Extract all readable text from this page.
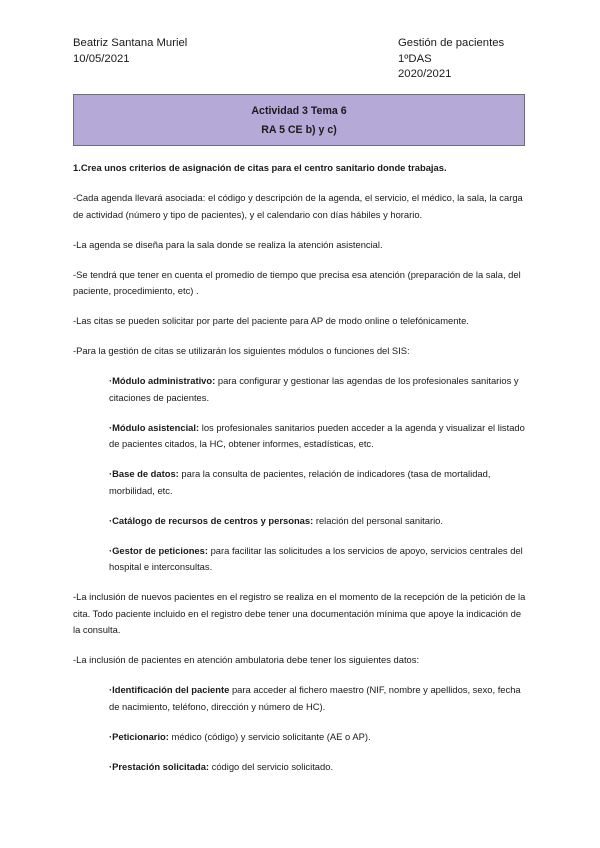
Beatriz Santana Muriel
10/05/2021
Gestión de pacientes
1ºDAS
2020/2021
Actividad 3 Tema 6
RA 5 CE b) y c)

1.Crea unos criterios de asignación de citas para el centro sanitario donde trabajas.

-Cada agenda llevará asociada: el código y descripción de la agenda, el servicio, el médico, la sala, la carga de actividad (número y tipo de pacientes), y el calendario con días hábiles y horario.

-La agenda se diseña para la sala donde se realiza la atención asistencial.

-Se tendrá que tener en cuenta el promedio de tiempo que precisa esa atención (preparación de la sala, del paciente, procedimiento, etc) .

-Las citas se pueden solicitar por parte del paciente para AP de modo online o telefónicamente.

-Para la gestión de citas se utilizarán los siguientes módulos o funciones del SIS:

·Módulo administrativo: para configurar y gestionar las agendas de los profesionales sanitarios y citaciones de pacientes.

·Módulo asistencial: los profesionales sanitarios pueden acceder a la agenda y visualizar el listado de pacientes citados, la HC, obtener informes, estadísticas, etc.

·Base de datos: para la consulta de pacientes, relación de indicadores (tasa de mortalidad, morbilidad, etc.

·Catálogo de recursos de centros y personas: relación del personal sanitario.

·Gestor de peticiones: para facilitar las solicitudes a los servicios de apoyo, servicios centrales del hospital e interconsultas.

-La inclusión de nuevos pacientes en el registro se realiza en el momento de la recepción de la petición de la cita. Todo paciente incluido en el registro debe tener una documentación mínima que apoye la indicación de la consulta.

-La inclusión de pacientes en atención ambulatoria debe tener los siguientes datos:

·Identificación del paciente para acceder al fichero maestro (NIF, nombre y apellidos, sexo, fecha de nacimiento, teléfono, dirección y número de HC).

·Peticionario: médico (código) y servicio solicitante (AE o AP).

·Prestación solicitada: código del servicio solicitado.
